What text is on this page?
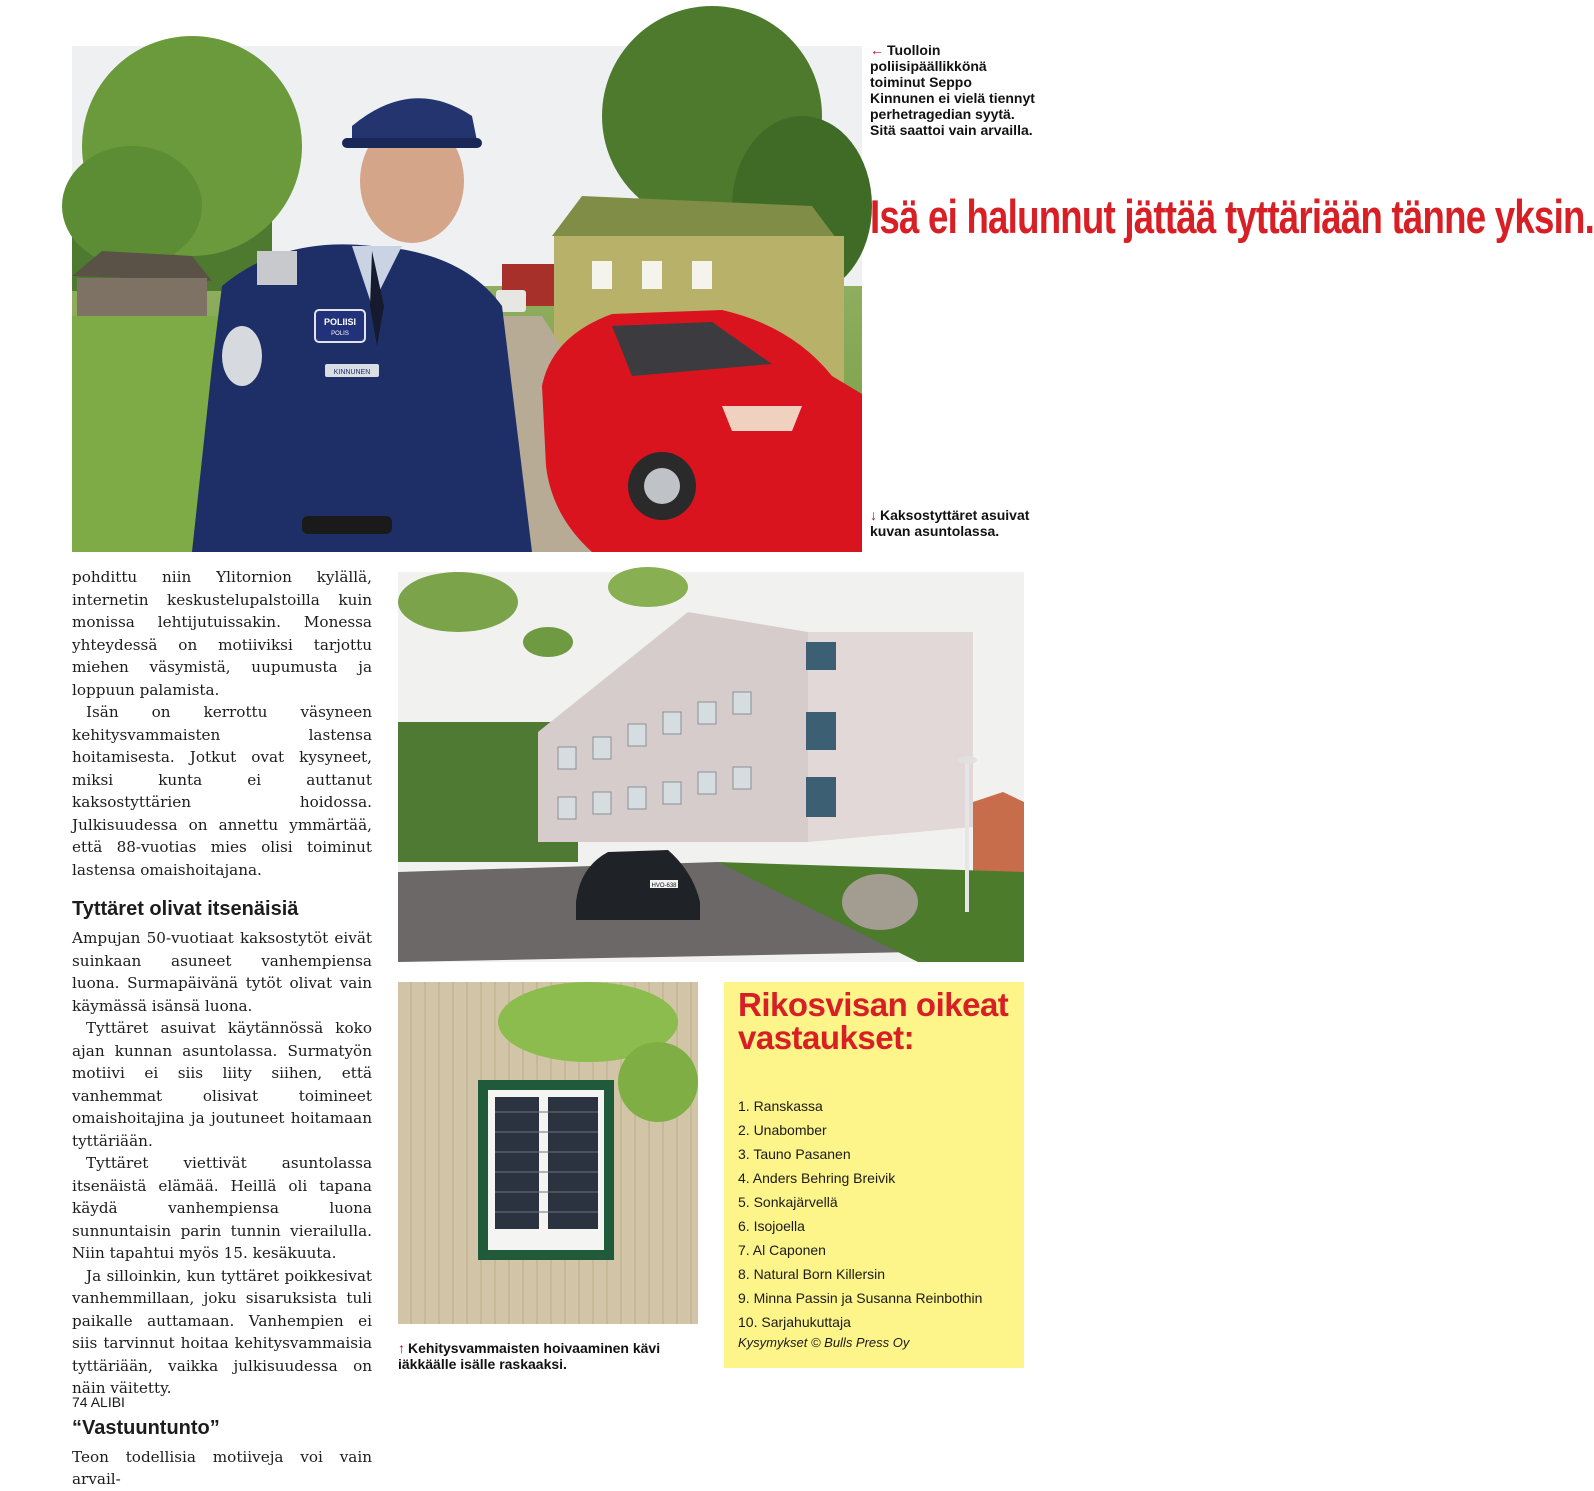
POLIISI
POLIS
KINNUNEN
← Tuolloin poliisipäällikkönä toiminut Seppo Kinnunen ei vielä tiennyt perhetragedian syytä. Sitä saattoi vain arvailla.
Isä ei halunnut jättää tyttäriään tänne yksin.
↓ Kaksostyttäret asuivat kuvan asuntolassa.
HVO-638
↑ Kehitysvammaisten hoivaaminen kävi iäkkäälle isälle raskaaksi.

pohdittu niin Ylitornion kylällä, internetin keskustelupalstoilla kuin monissa lehtijutuissakin. Monessa yhteydessä on motiiviksi tarjottu miehen väsymistä, uupumusta ja loppuun palamista.

Isän on kerrottu väsyneen kehitysvammaisten lastensa hoitamisesta. Jotkut ovat kysyneet, miksi kunta ei auttanut kaksostyttärien hoidossa. Julkisuudessa on annettu ymmärtää, että 88-vuotias mies olisi toiminut lastensa omaishoitajana.

Tyttäret olivat itsenäisiä

Ampujan 50-vuotiaat kaksostytöt eivät suinkaan asuneet vanhempiensa luona. Surmapäivänä tytöt olivat vain käymässä isänsä luona.

Tyttäret asuivat käytännössä koko ajan kunnan asuntolassa. Surmatyön motiivi ei siis liity siihen, että vanhemmat olisivat toimineet omaishoitajina ja joutuneet hoitamaan tyttäriään.

Tyttäret viettivät asuntolassa itsenäistä elämää. Heillä oli tapana käydä vanhempiensa luona sunnuntaisin parin tunnin vierailulla. Niin tapahtui myös 15. kesäkuuta.

Ja silloinkin, kun tyttäret poikkesivat vanhemmillaan, joku sisaruksista tuli paikalle auttamaan. Vanhempien ei siis tarvinnut hoitaa kehitysvammaisia tyttäriään, vaikka julkisuudessa on näin väitetty.

“Vastuuntunto”

Teon todellisia motiiveja voi vain arvail-

Rikosvisan oikeat vastaukset:
1. Ranskassa
2. Unabomber
3. Tauno Pasanen
4. Anders Behring Breivik
5. Sonkajärvellä
6. Isojoella
7. Al Caponen
8. Natural Born Killersin
9. Minna Passin ja Susanna Reinbothin
10. Sarjahukuttaja
Kysymykset © Bulls Press Oy
74 ALIBI
